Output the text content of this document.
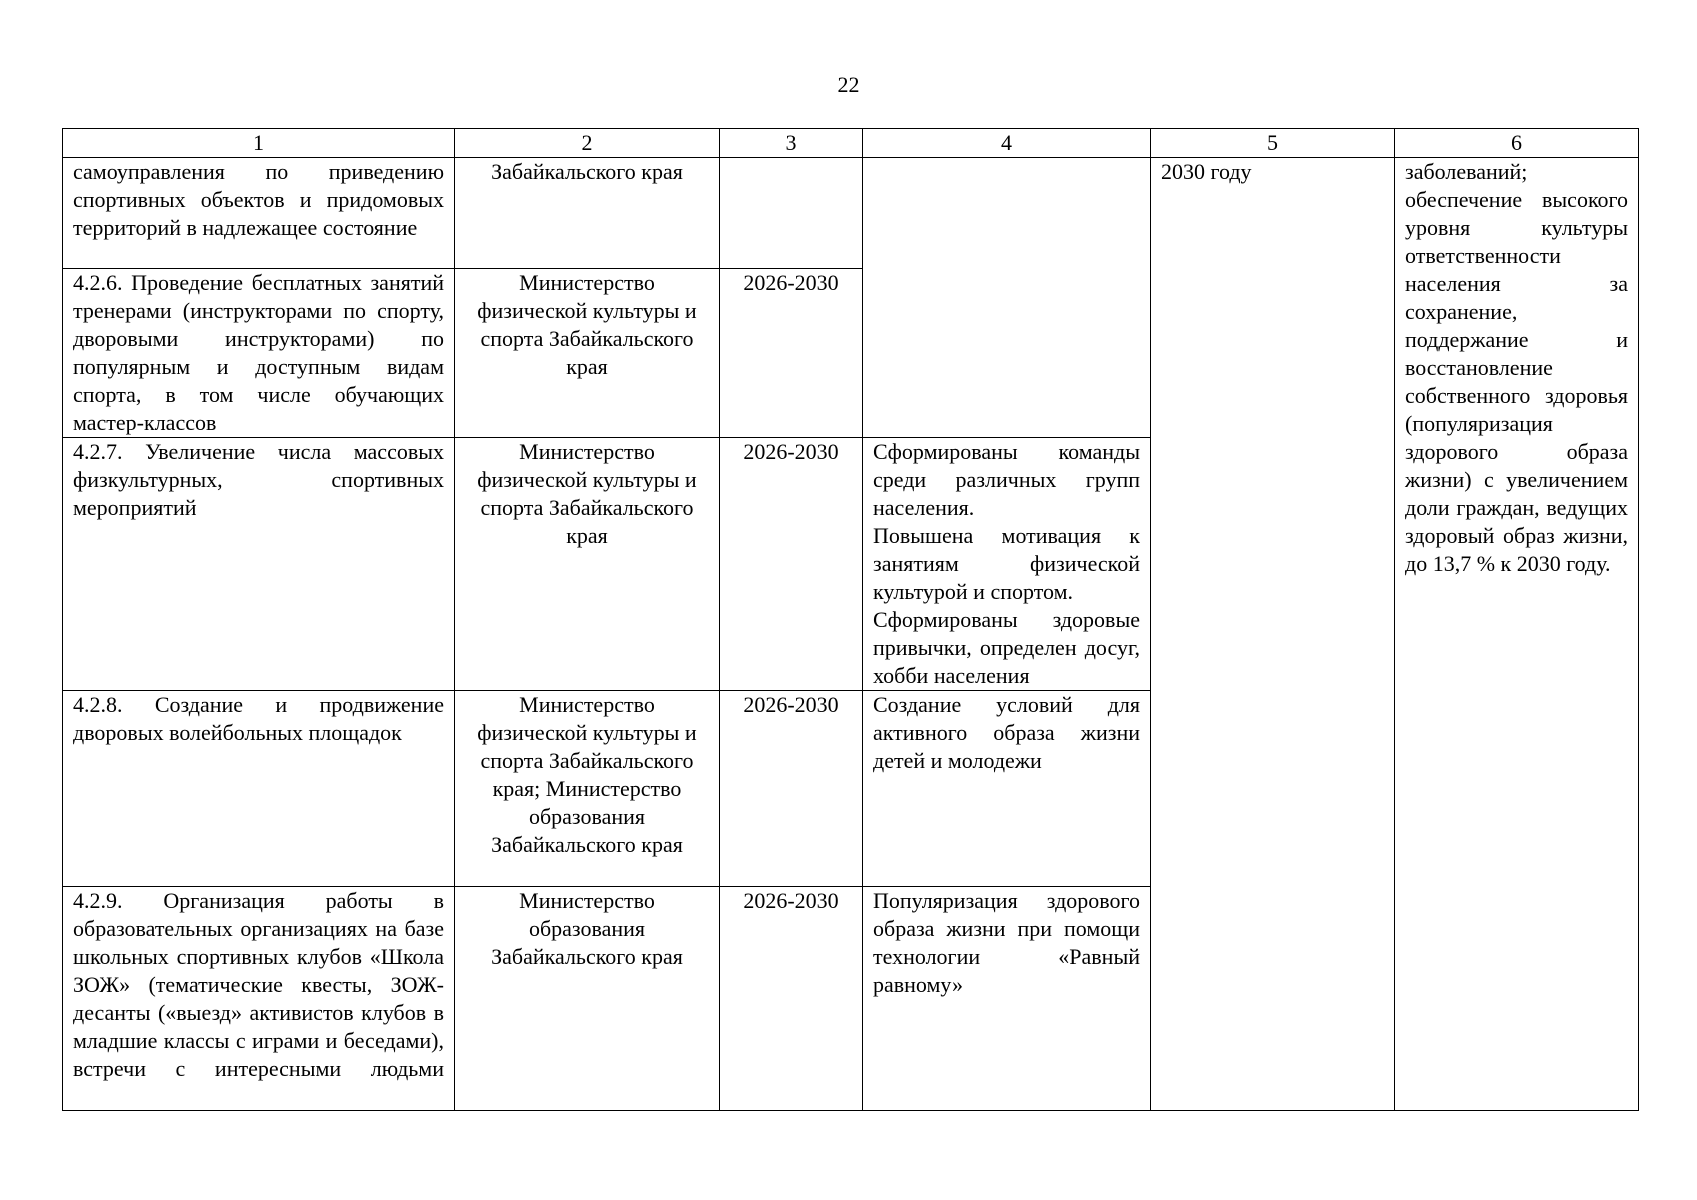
22
1	2	3	4	5	6
самоуправления по приведению спортивных объектов и придомовых территорий в надлежащее состояние	Забайкальского края			2030 году	заболеваний;
обеспечение высокого уровня культуры ответственности населения за сохранение, поддержание и восстановление собственного здоровья (популяризация здорового образа жизни) с увеличением доли граждан, ведущих здоровый образ жизни, до 13,7 % к 2030 году.

4.2.6. Проведение бесплатных занятий тренерами (инструкторами по спорту, дворовыми инструкторами) по популярным и доступным видам спорта, в том числе обучающих мастер-классов	Министерство физической культуры и спорта Забайкальского края	2026-2030			
4.2.7. Увеличение числа массовых физкультурных, спортивных мероприятий	Министерство физической культуры и спорта Забайкальского края	2026-2030	Сформированы команды среди различных групп населения.
Повышена мотивация к занятиям физической культурой и спортом.
Сформированы здоровые привычки, определен досуг, хобби населения		

4.2.8. Создание и продвижение дворовых волейбольных площадок	Министерство физической культуры и спорта Забайкальского края; Министерство образования Забайкальского края	2026-2030	Создание условий для активного образа жизни детей и молодежи		

4.2.9. Организация работы в образовательных организациях на базе школьных спортивных клубов «Школа ЗОЖ» (тематические квесты, ЗОЖ-десанты («выезд» активистов клубов в младшие классы с играми и беседами), встречи с интересными людьми	Министерство образования Забайкальского края	2026-2030	Популяризация здорового образа жизни при помощи технологии «Равный равному»		
